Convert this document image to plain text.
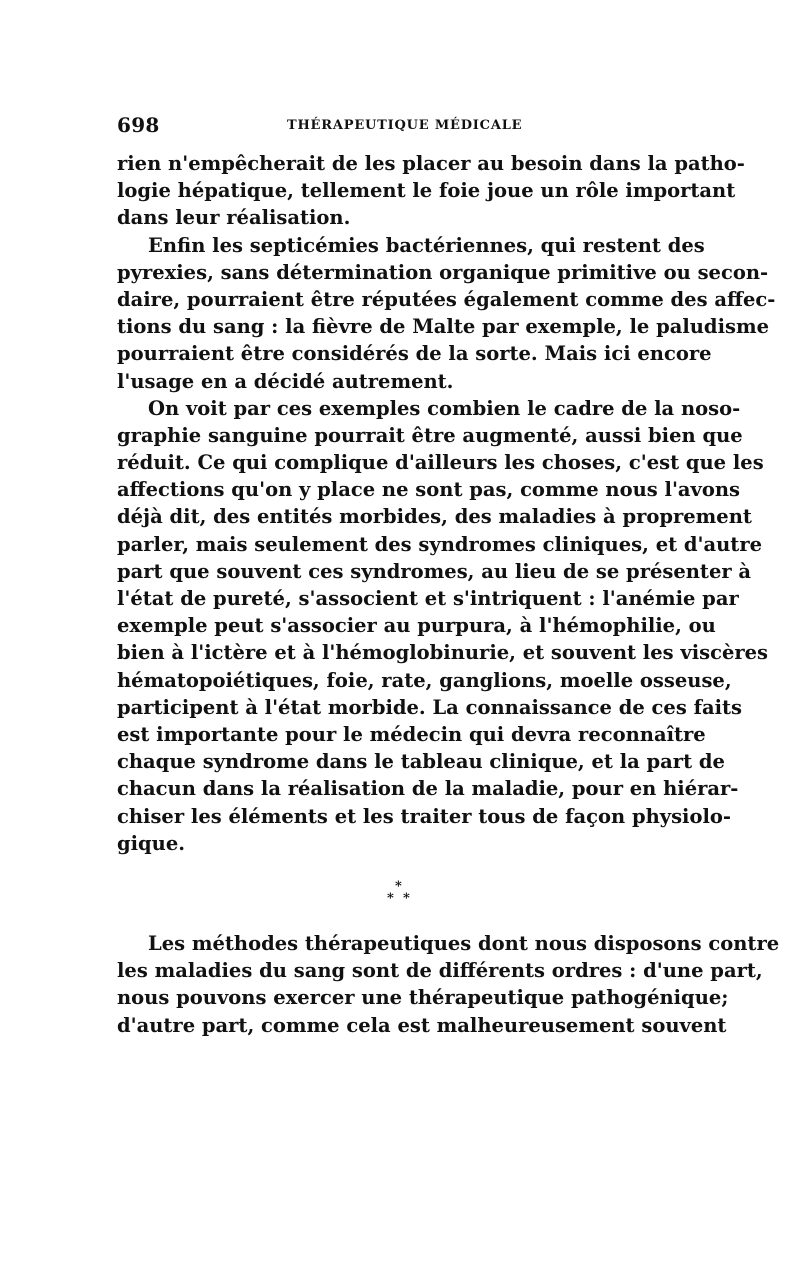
698	THÉRAPEUTIQUE MÉDICALE
rien n'empêcherait de les placer au besoin dans la patho-
logie hépatique, tellement le foie joue un rôle important
dans leur réalisation.
Enfin les septicémies bactériennes, qui restent des
pyrexies, sans détermination organique primitive ou secon-
daire, pourraient être réputées également comme des affec-
tions du sang : la fièvre de Malte par exemple, le paludisme
pourraient être considérés de la sorte. Mais ici encore
l'usage en a décidé autrement.
On voit par ces exemples combien le cadre de la noso-
graphie sanguine pourrait être augmenté, aussi bien que
réduit. Ce qui complique d'ailleurs les choses, c'est que les
affections qu'on y place ne sont pas, comme nous l'avons
déjà dit, des entités morbides, des maladies à proprement
parler, mais seulement des syndromes cliniques, et d'autre
part que souvent ces syndromes, au lieu de se présenter à
l'état de pureté, s'associent et s'intriquent : l'anémie par
exemple peut s'associer au purpura, à l'hémophilie, ou
bien à l'ictère et à l'hémoglobinurie, et souvent les viscères
hématopoiétiques, foie, rate, ganglions, moelle osseuse,
participent à l'état morbide. La connaissance de ces faits
est importante pour le médecin qui devra reconnaître
chaque syndrome dans le tableau clinique, et la part de
chacun dans la réalisation de la maladie, pour en hiérar-
chiser les éléments et les traiter tous de façon physiolo-
gique.
*
* *
Les méthodes thérapeutiques dont nous disposons contre
les maladies du sang sont de différents ordres : d'une part,
nous pouvons exercer une thérapeutique pathogénique;
d'autre part, comme cela est malheureusement souvent
